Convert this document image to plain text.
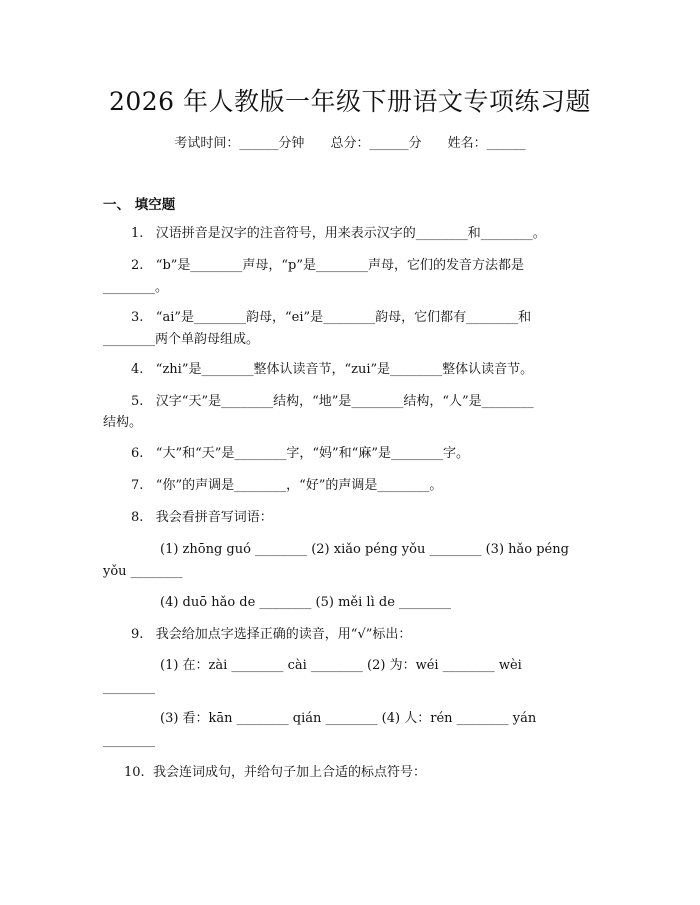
2026 年人教版一年级下册语文专项练习题
考试时间：______分钟 总分：______分 姓名：______
一、 填空题
1.   汉语拼音是汉字的注音符号，用来表示汉字的________和________。
2.   “b”是________声母，“p”是________声母，它们的发音方法都是
________。
3.   “ai”是________韵母，“ei”是________韵母，它们都有________和
________两个单韵母组成。
4.   “zhi”是________整体认读音节，“zui”是________整体认读音节。
5.   汉字“天”是________结构，“地”是________结构，“人”是________
结构。
6.   “大”和“天”是________字，“妈”和“麻”是________字。
7.   “你”的声调是________，“好”的声调是________。
8.   我会看拼音写词语：
(1) zhōng guó ________ (2) xiǎo péng yǒu ________ (3) hǎo péng
yǒu ________
(4) duō hǎo de ________ (5) měi lì de ________
9.   我会给加点字选择正确的读音，用“√”标出：
(1) 在：zài ________ cài ________ (2) 为：wéi ________ wèi
________
(3) 看：kān ________ qián ________ (4) 人：rén ________ yán
________
10.  我会连词成句，并给句子加上合适的标点符号：
